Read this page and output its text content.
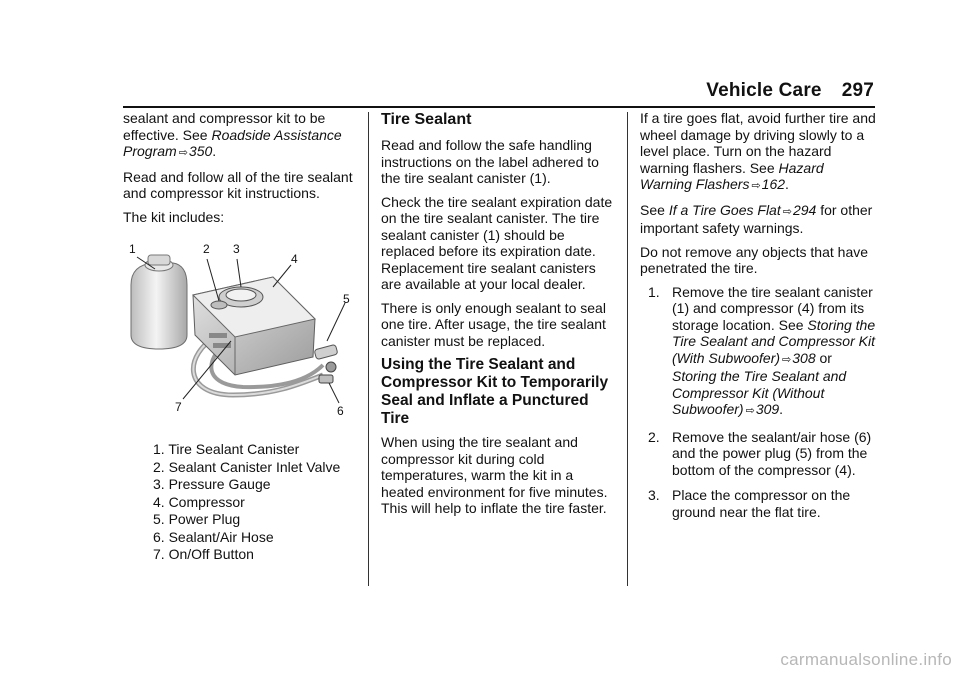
Vehicle Care 297

sealant and compressor kit to be effective. See Roadside Assistance Program ⇨350.

Read and follow all of the tire sealant and compressor kit instructions.

The kit includes:

1	2 3
4
5
6
7
1. Tire Sealant Canister
2. Sealant Canister Inlet Valve
3. Pressure Gauge
4. Compressor
5. Power Plug
6. Sealant/Air Hose
7. On/Off Button
Tire Sealant

Read and follow the safe handling instructions on the label adhered to the tire sealant canister (1).

Check the tire sealant expiration date on the tire sealant canister. The tire sealant canister (1) should be replaced before its expiration date. Replacement tire sealant canisters are available at your local dealer.

There is only enough sealant to seal one tire. After usage, the tire sealant canister must be replaced.

Using the Tire Sealant and Compressor Kit to Temporarily Seal and Inflate a Punctured Tire

When using the tire sealant and compressor kit during cold temperatures, warm the kit in a heated environment for five minutes. This will help to inflate the tire faster.

If a tire goes flat, avoid further tire and wheel damage by driving slowly to a level place. Turn on the hazard warning flashers. See Hazard Warning Flashers ⇨162.

See If a Tire Goes Flat ⇨294 for other important safety warnings.

Do not remove any objects that have penetrated the tire.

1. Remove the tire sealant canister (1) and compressor (4) from its storage location. See Storing the Tire Sealant and Compressor Kit (With Subwoofer) ⇨308 or Storing the Tire Sealant and Compressor Kit (Without Subwoofer) ⇨309.
2. Remove the sealant/air hose (6) and the power plug (5) from the bottom of the compressor (4).
3. Place the compressor on the ground near the flat tire.
carmanualsonline.info
